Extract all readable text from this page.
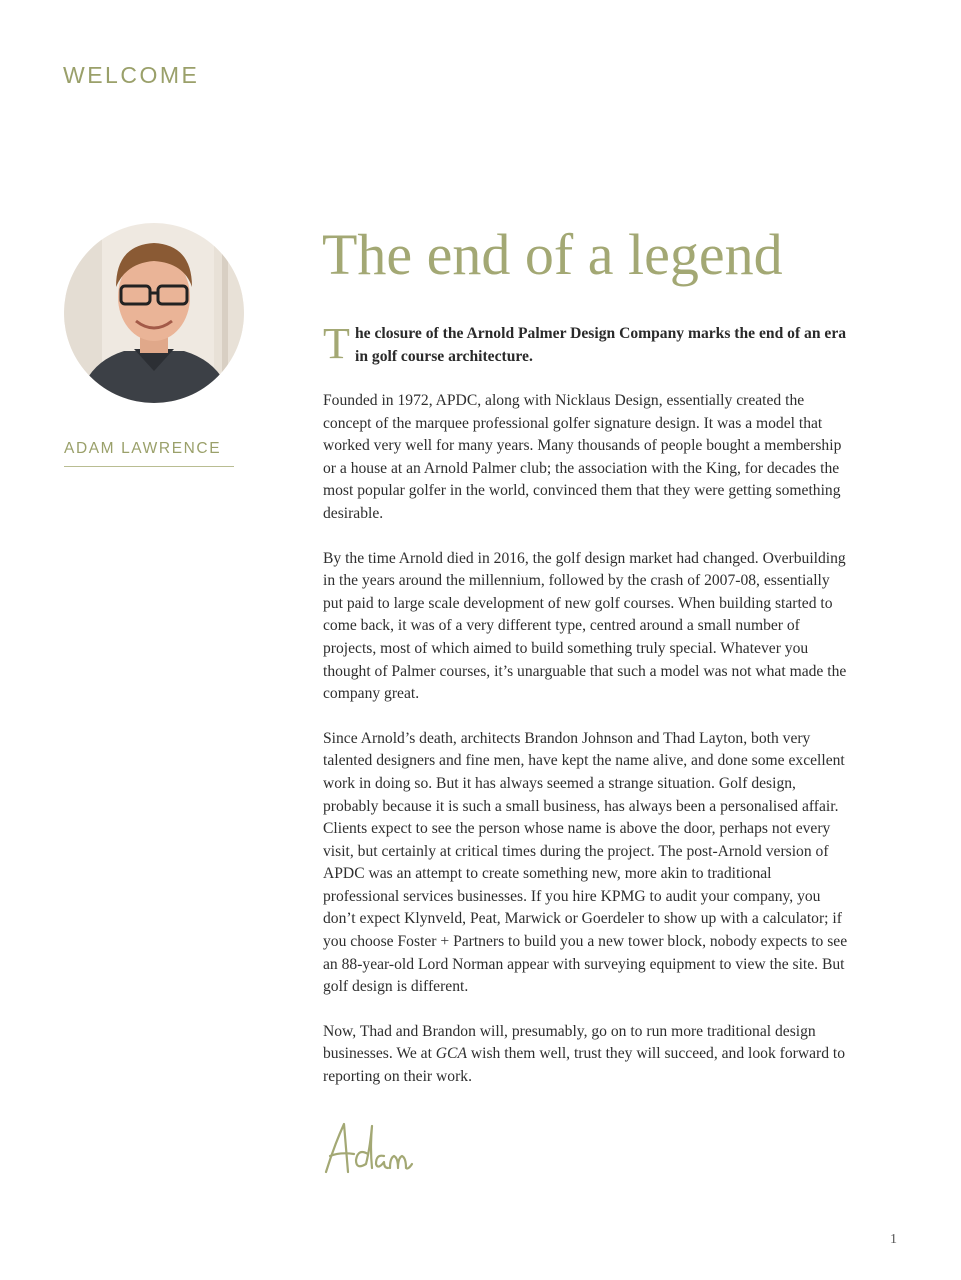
WELCOME
ADAM LAWRENCE
The end of a legend

T he closure of the Arnold Palmer Design Company marks the end of an era in golf course architecture.

Founded in 1972, APDC, along with Nicklaus Design, essentially created the concept of the marquee professional golfer signature design. It was a model that worked very well for many years. Many thousands of people bought a membership or a house at an Arnold Palmer club; the association with the King, for decades the most popular golfer in the world, convinced them that they were getting something desirable.

By the time Arnold died in 2016, the golf design market had changed. Overbuilding in the years around the millennium, followed by the crash of 2007-08, essentially put paid to large scale development of new golf courses. When building started to come back, it was of a very different type, centred around a small number of projects, most of which aimed to build something truly special. Whatever you thought of Palmer courses, it’s unarguable that such a model was not what made the company great.

Since Arnold’s death, architects Brandon Johnson and Thad Layton, both very talented designers and fine men, have kept the name alive, and done some excellent work in doing so. But it has always seemed a strange situation. Golf design, probably because it is such a small business, has always been a personalised affair. Clients expect to see the person whose name is above the door, perhaps not every visit, but certainly at critical times during the project. The post-Arnold version of APDC was an attempt to create something new, more akin to traditional professional services businesses. If you hire KPMG to audit your company, you don’t expect Klynveld, Peat, Marwick or Goerdeler to show up with a calculator; if you choose Foster + Partners to build you a new tower block, nobody expects to see an 88-year-old Lord Norman appear with surveying equipment to view the site. But golf design is different.

Now, Thad and Brandon will, presumably, go on to run more traditional design businesses. We at GCA wish them well, trust they will succeed, and look forward to reporting on their work.

1
